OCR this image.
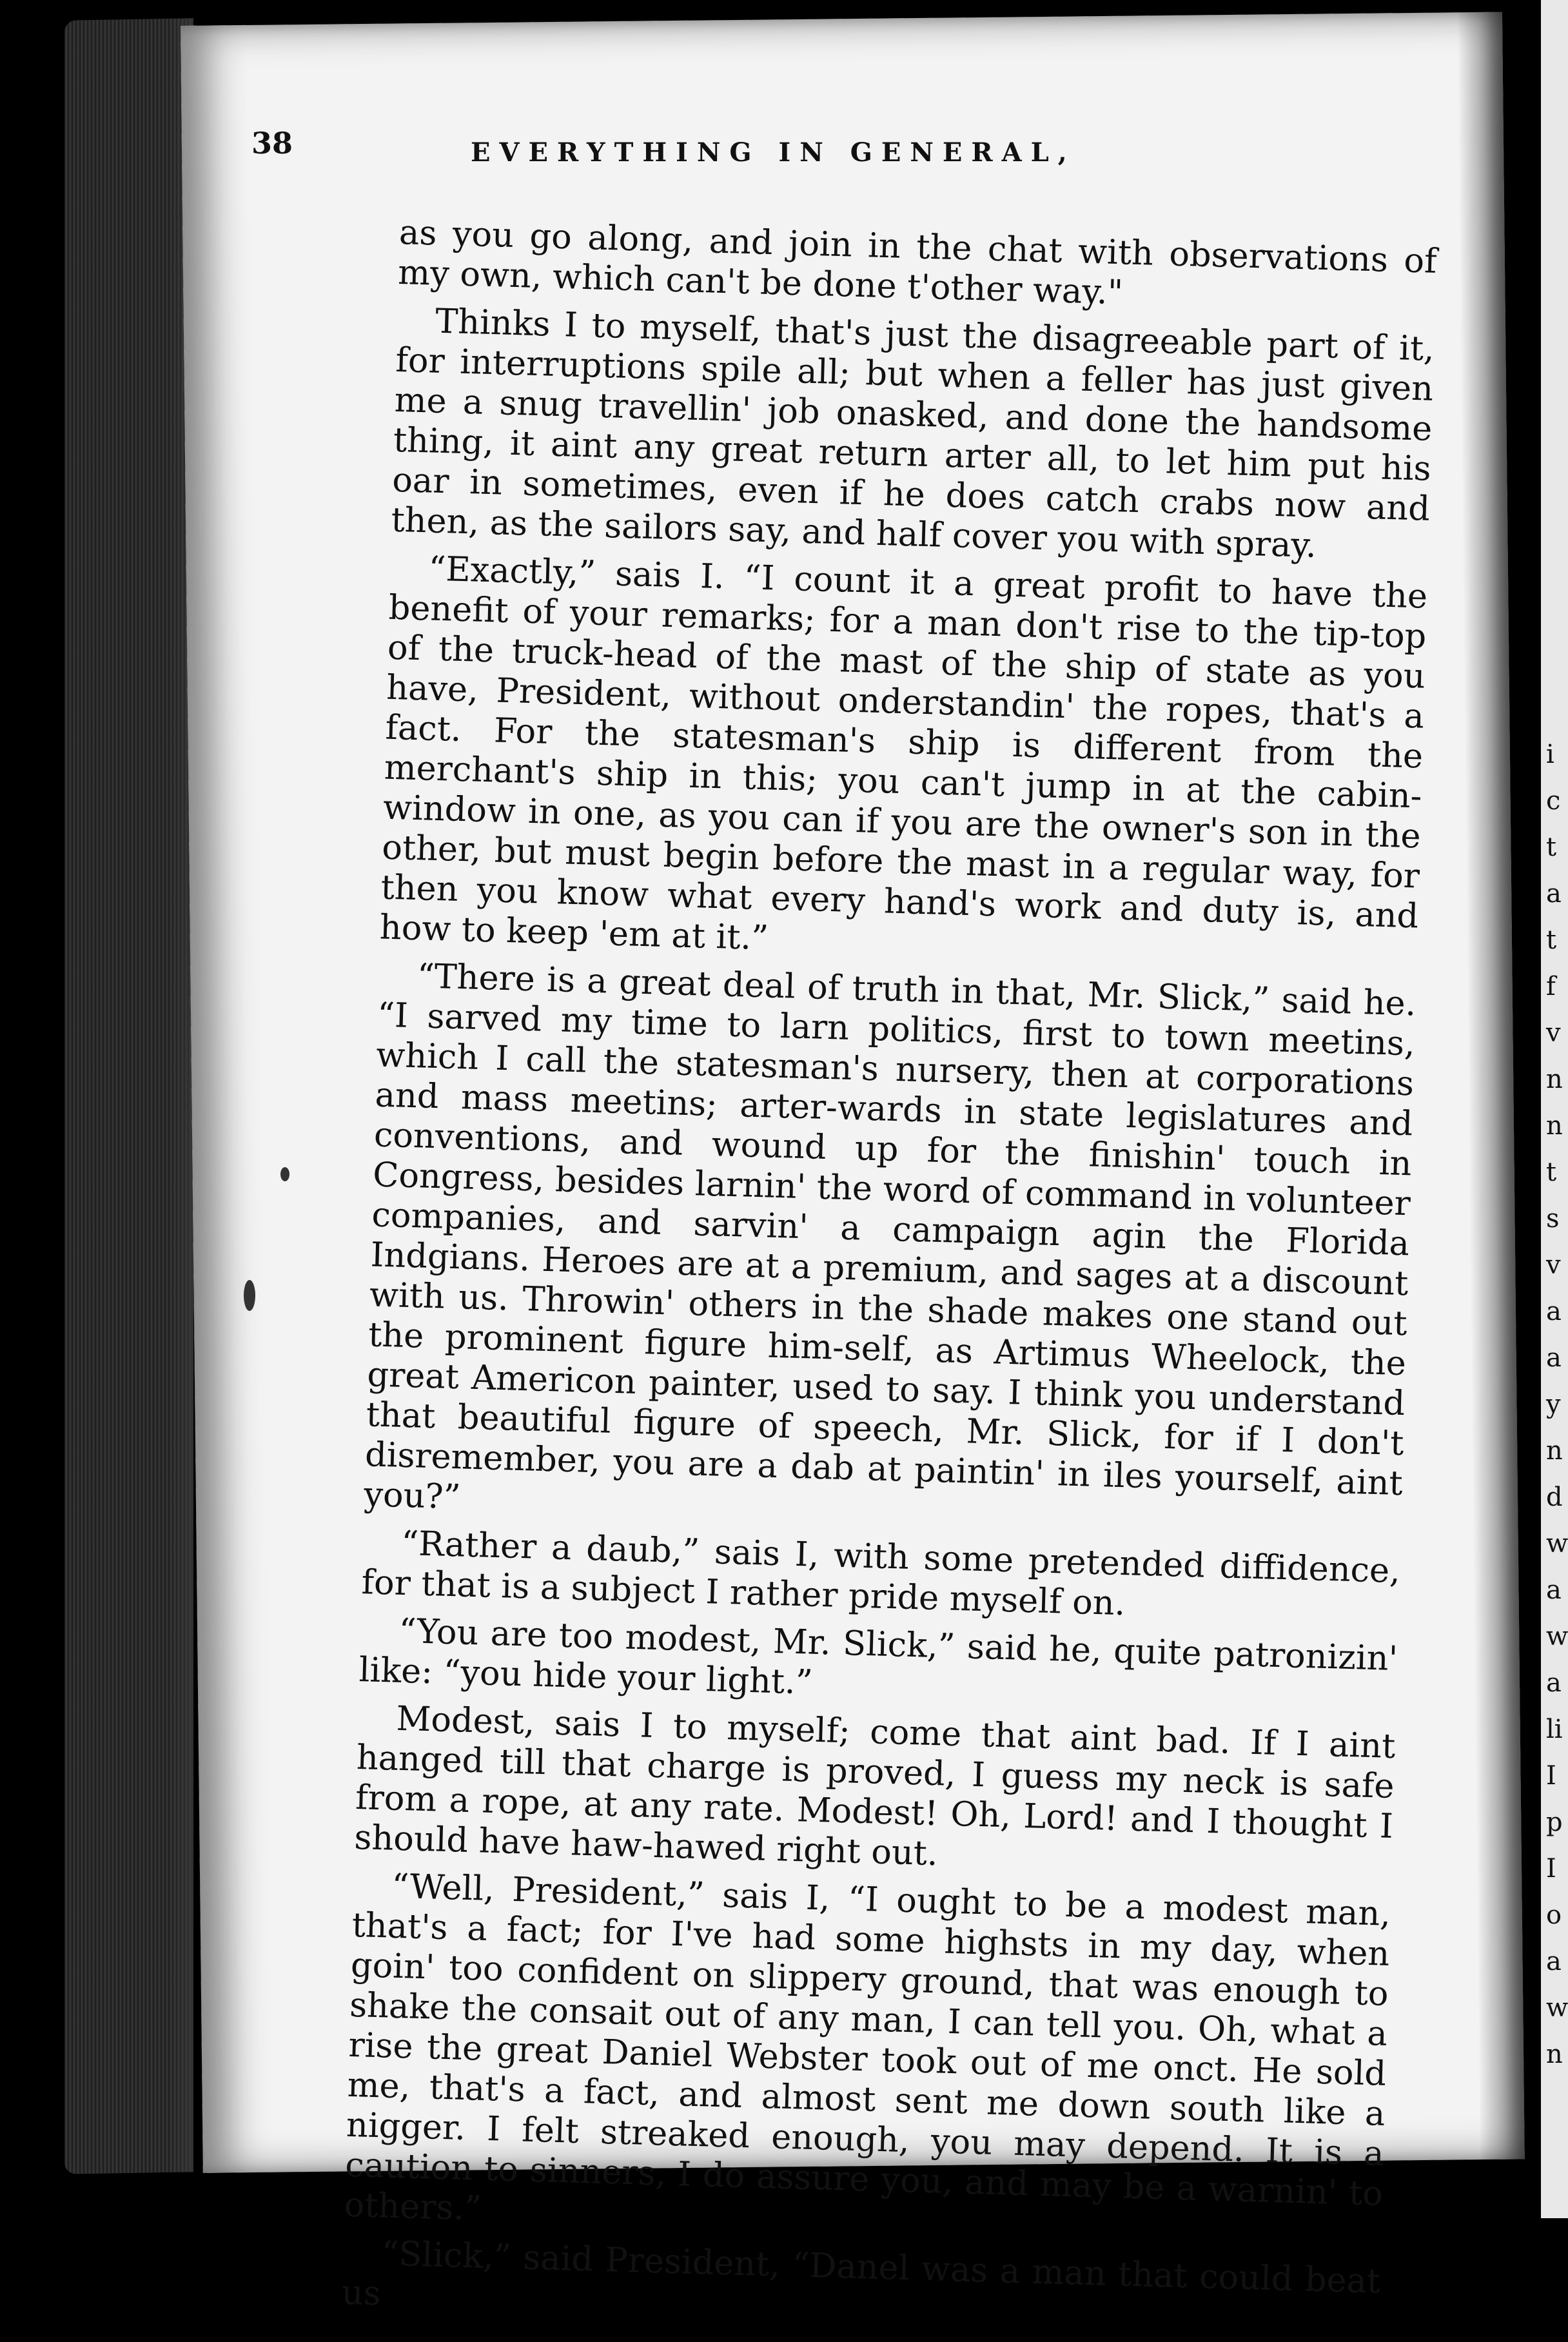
i
c
t
a
t
f
v
n
n
t
s
v
a
a
y
n
d
w
a
w
a
li
I
p
I
o
a
w
n
38	EVERYTHING IN GENERAL,

as you go along, and join in the chat with observations of my own, which can't be done t'other way."

Thinks I to myself, that's just the disagreeable part of it, for interruptions spile all; but when a feller has just given me a snug travellin' job onasked, and done the handsome thing, it aint any great return arter all, to let him put his oar in sometimes, even if he does catch crabs now and then, as the sailors say, and half cover you with spray.

“Exactly,” sais I. “I count it a great profit to have the benefit of your remarks; for a man don't rise to the tip-top of the truck-head of the mast of the ship of state as you have, President, without onderstandin' the ropes, that's a fact. For the statesman's ship is different from the merchant's ship in this; you can't jump in at the cabin-window in one, as you can if you are the owner's son in the other, but must begin before the mast in a regular way, for then you know what every hand's work and duty is, and how to keep 'em at it.”

“There is a great deal of truth in that, Mr. Slick,” said he. “I sarved my time to larn politics, first to town meetins, which I call the statesman's nursery, then at corporations and mass meetins; arter-wards in state legislatures and conventions, and wound up for the finishin' touch in Congress, besides larnin' the word of command in volunteer companies, and sarvin' a campaign agin the Florida Indgians. Heroes are at a premium, and sages at a discount with us. Throwin' others in the shade makes one stand out the prominent figure him-self, as Artimus Wheelock, the great Americon painter, used to say. I think you understand that beautiful figure of speech, Mr. Slick, for if I don't disremember, you are a dab at paintin' in iles yourself, aint you?”

“Rather a daub,” sais I, with some pretended diffidence, for that is a subject I rather pride myself on.

“You are too modest, Mr. Slick,” said he, quite patronizin' like: “you hide your light.”

Modest, sais I to myself; come that aint bad. If I aint hanged till that charge is proved, I guess my neck is safe from a rope, at any rate. Modest! Oh, Lord! and I thought I should have haw-hawed right out.

“Well, President,” sais I, “I ought to be a modest man, that's a fact; for I've had some highsts in my day, when goin' too confident on slippery ground, that was enough to shake the consait out of any man, I can tell you. Oh, what a rise the great Daniel Webster took out of me onct. He sold me, that's a fact, and almost sent me down south like a nigger. I felt streaked enough, you may depend. It is a caution to sinners, I do assure you, and may be a warnin' to others.”

“Slick,” said President, “Danel was a man that could beat us
